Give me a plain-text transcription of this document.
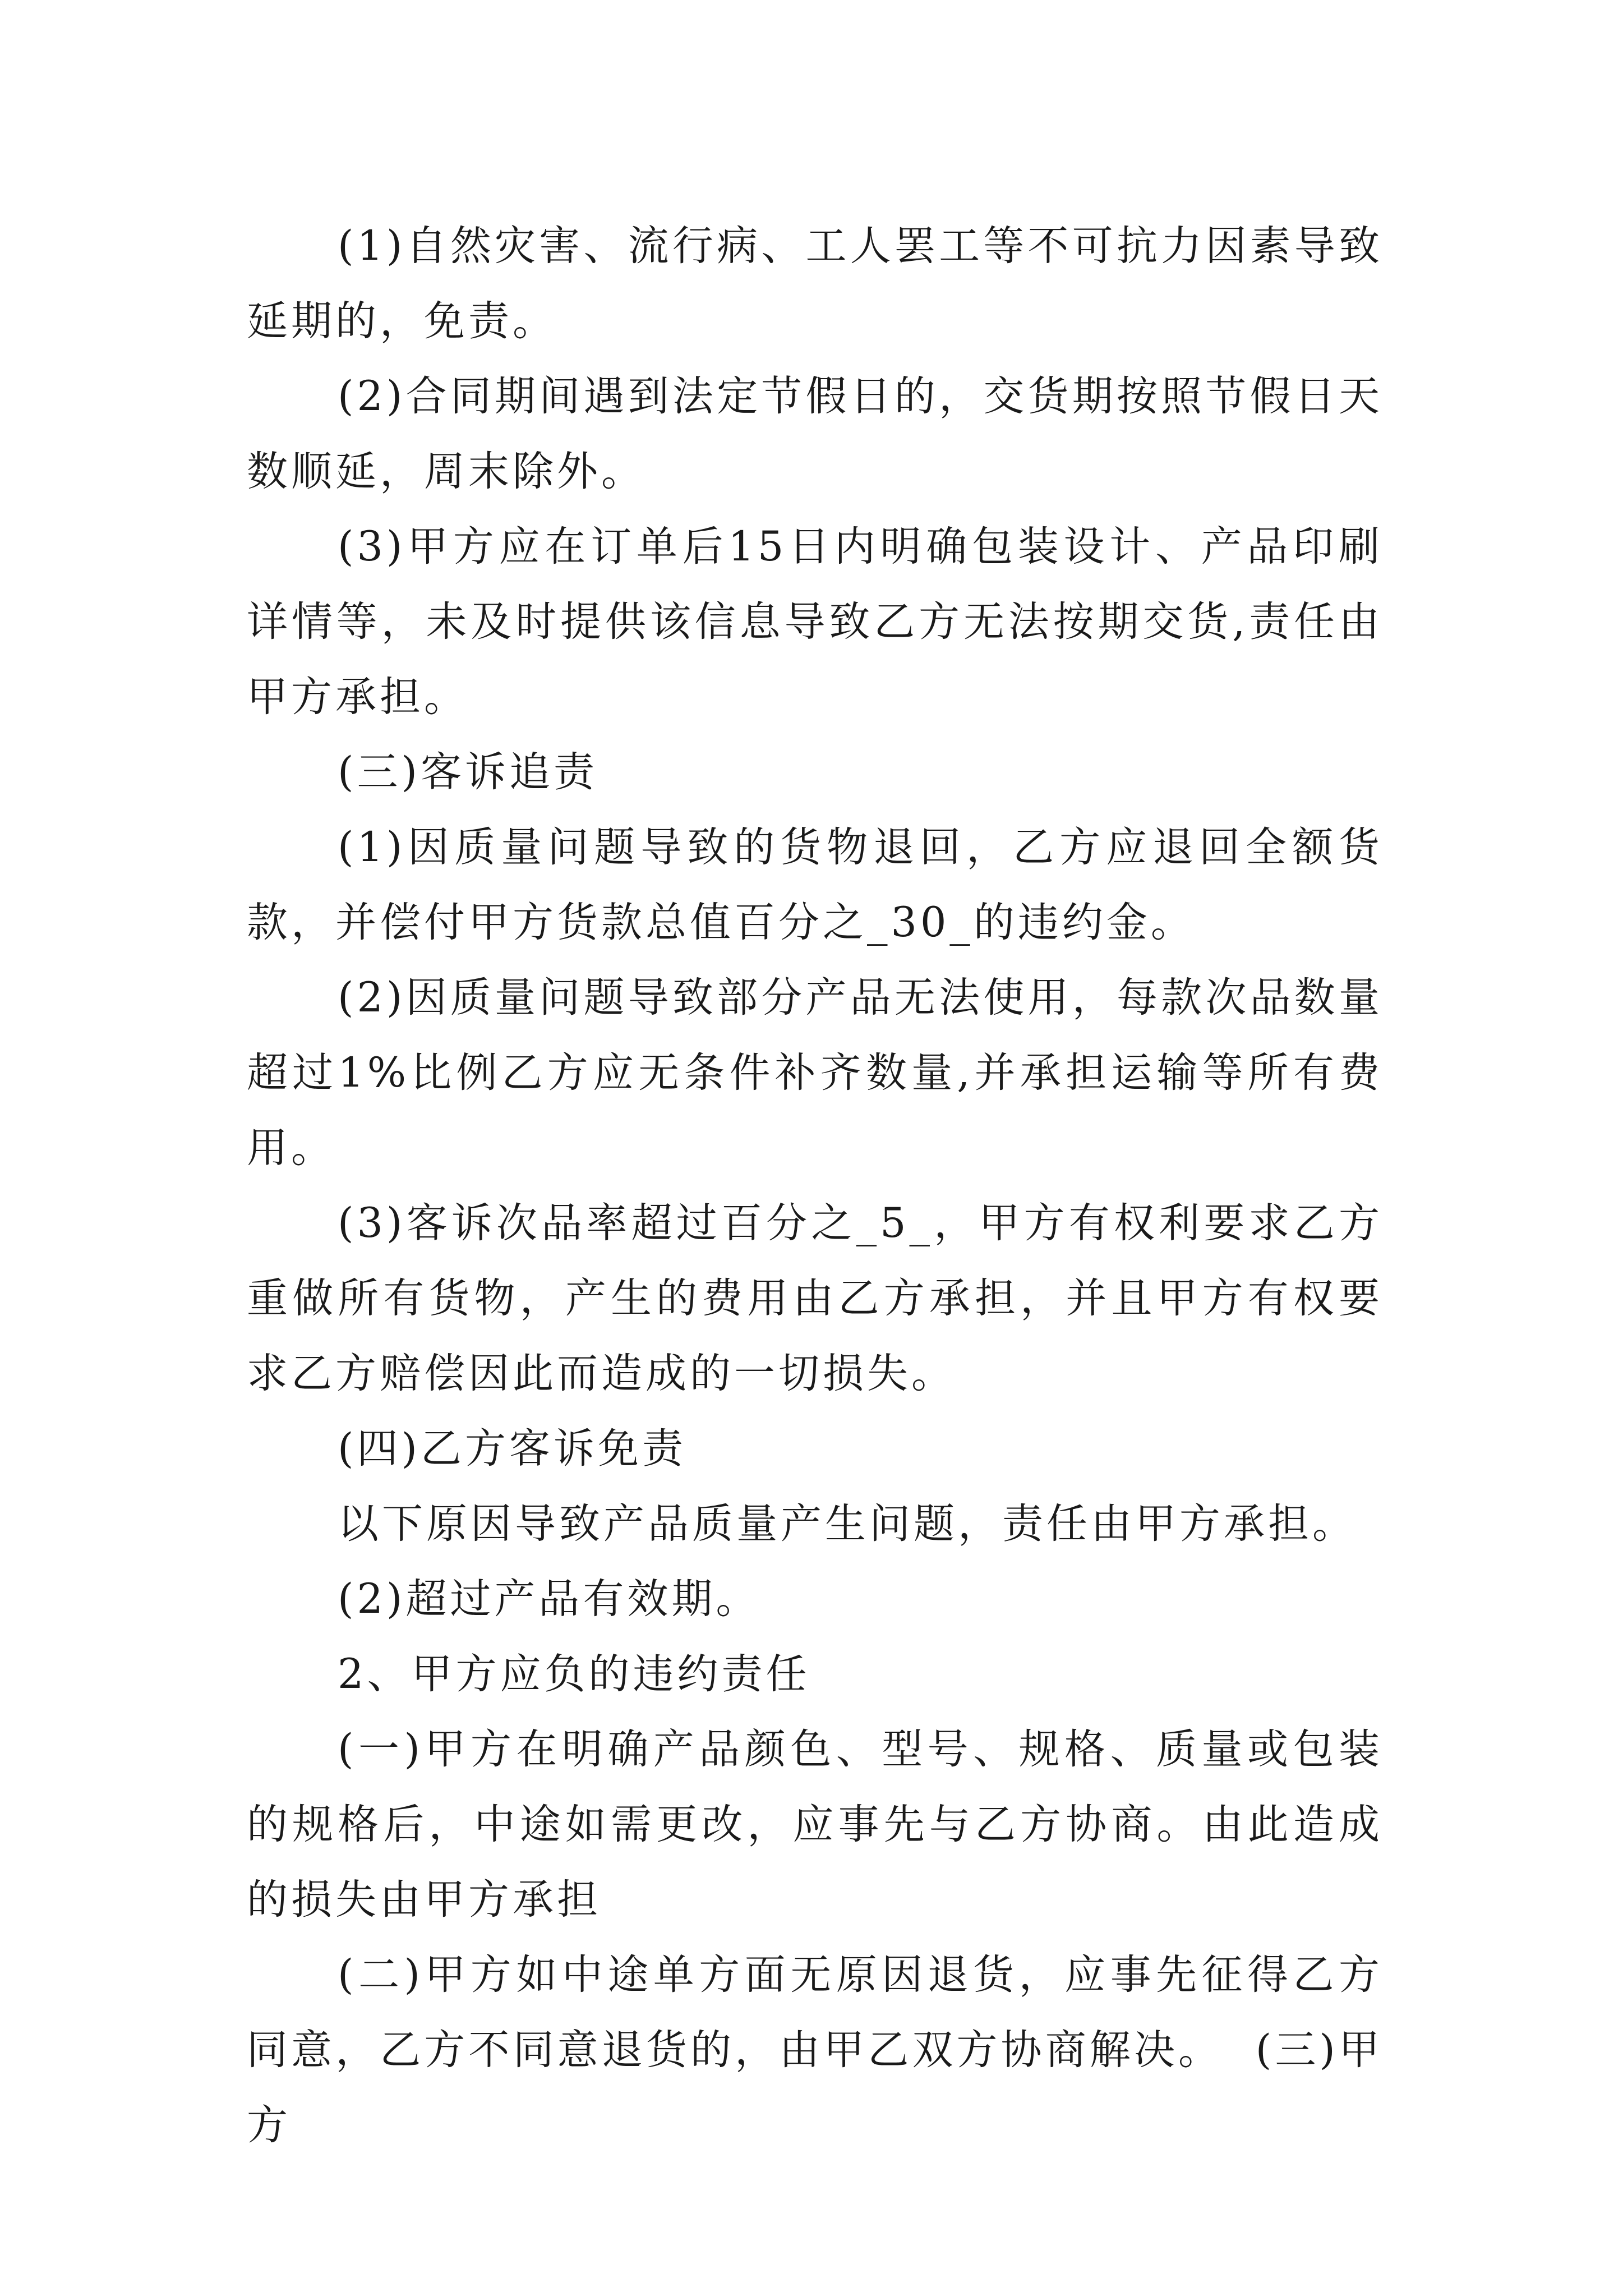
(1)自然灾害、流行病、工人罢工等不可抗力因素导致延期的，免责。

(2)合同期间遇到法定节假日的，交货期按照节假日天数顺延，周末除外。

(3)甲方应在订单后15日内明确包装设计、产品印刷详情等，未及时提供该信息导致乙方无法按期交货,责任由甲方承担。

(三)客诉追责

(1)因质量问题导致的货物退回，乙方应退回全额货款，并偿付甲方货款总值百分之_30_的违约金。

(2)因质量问题导致部分产品无法使用，每款次品数量超过1%比例乙方应无条件补齐数量,并承担运输等所有费用。

(3)客诉次品率超过百分之_5_，甲方有权利要求乙方重做所有货物，产生的费用由乙方承担，并且甲方有权要求乙方赔偿因此而造成的一切损失。

(四)乙方客诉免责

以下原因导致产品质量产生问题，责任由甲方承担。

(2)超过产品有效期。

2、甲方应负的违约责任

(一)甲方在明确产品颜色、型号、规格、质量或包装的规格后，中途如需更改，应事先与乙方协商。由此造成的损失由甲方承担

(二)甲方如中途单方面无原因退货，应事先征得乙方同意，乙方不同意退货的，由甲乙双方协商解决。  (三)甲方
